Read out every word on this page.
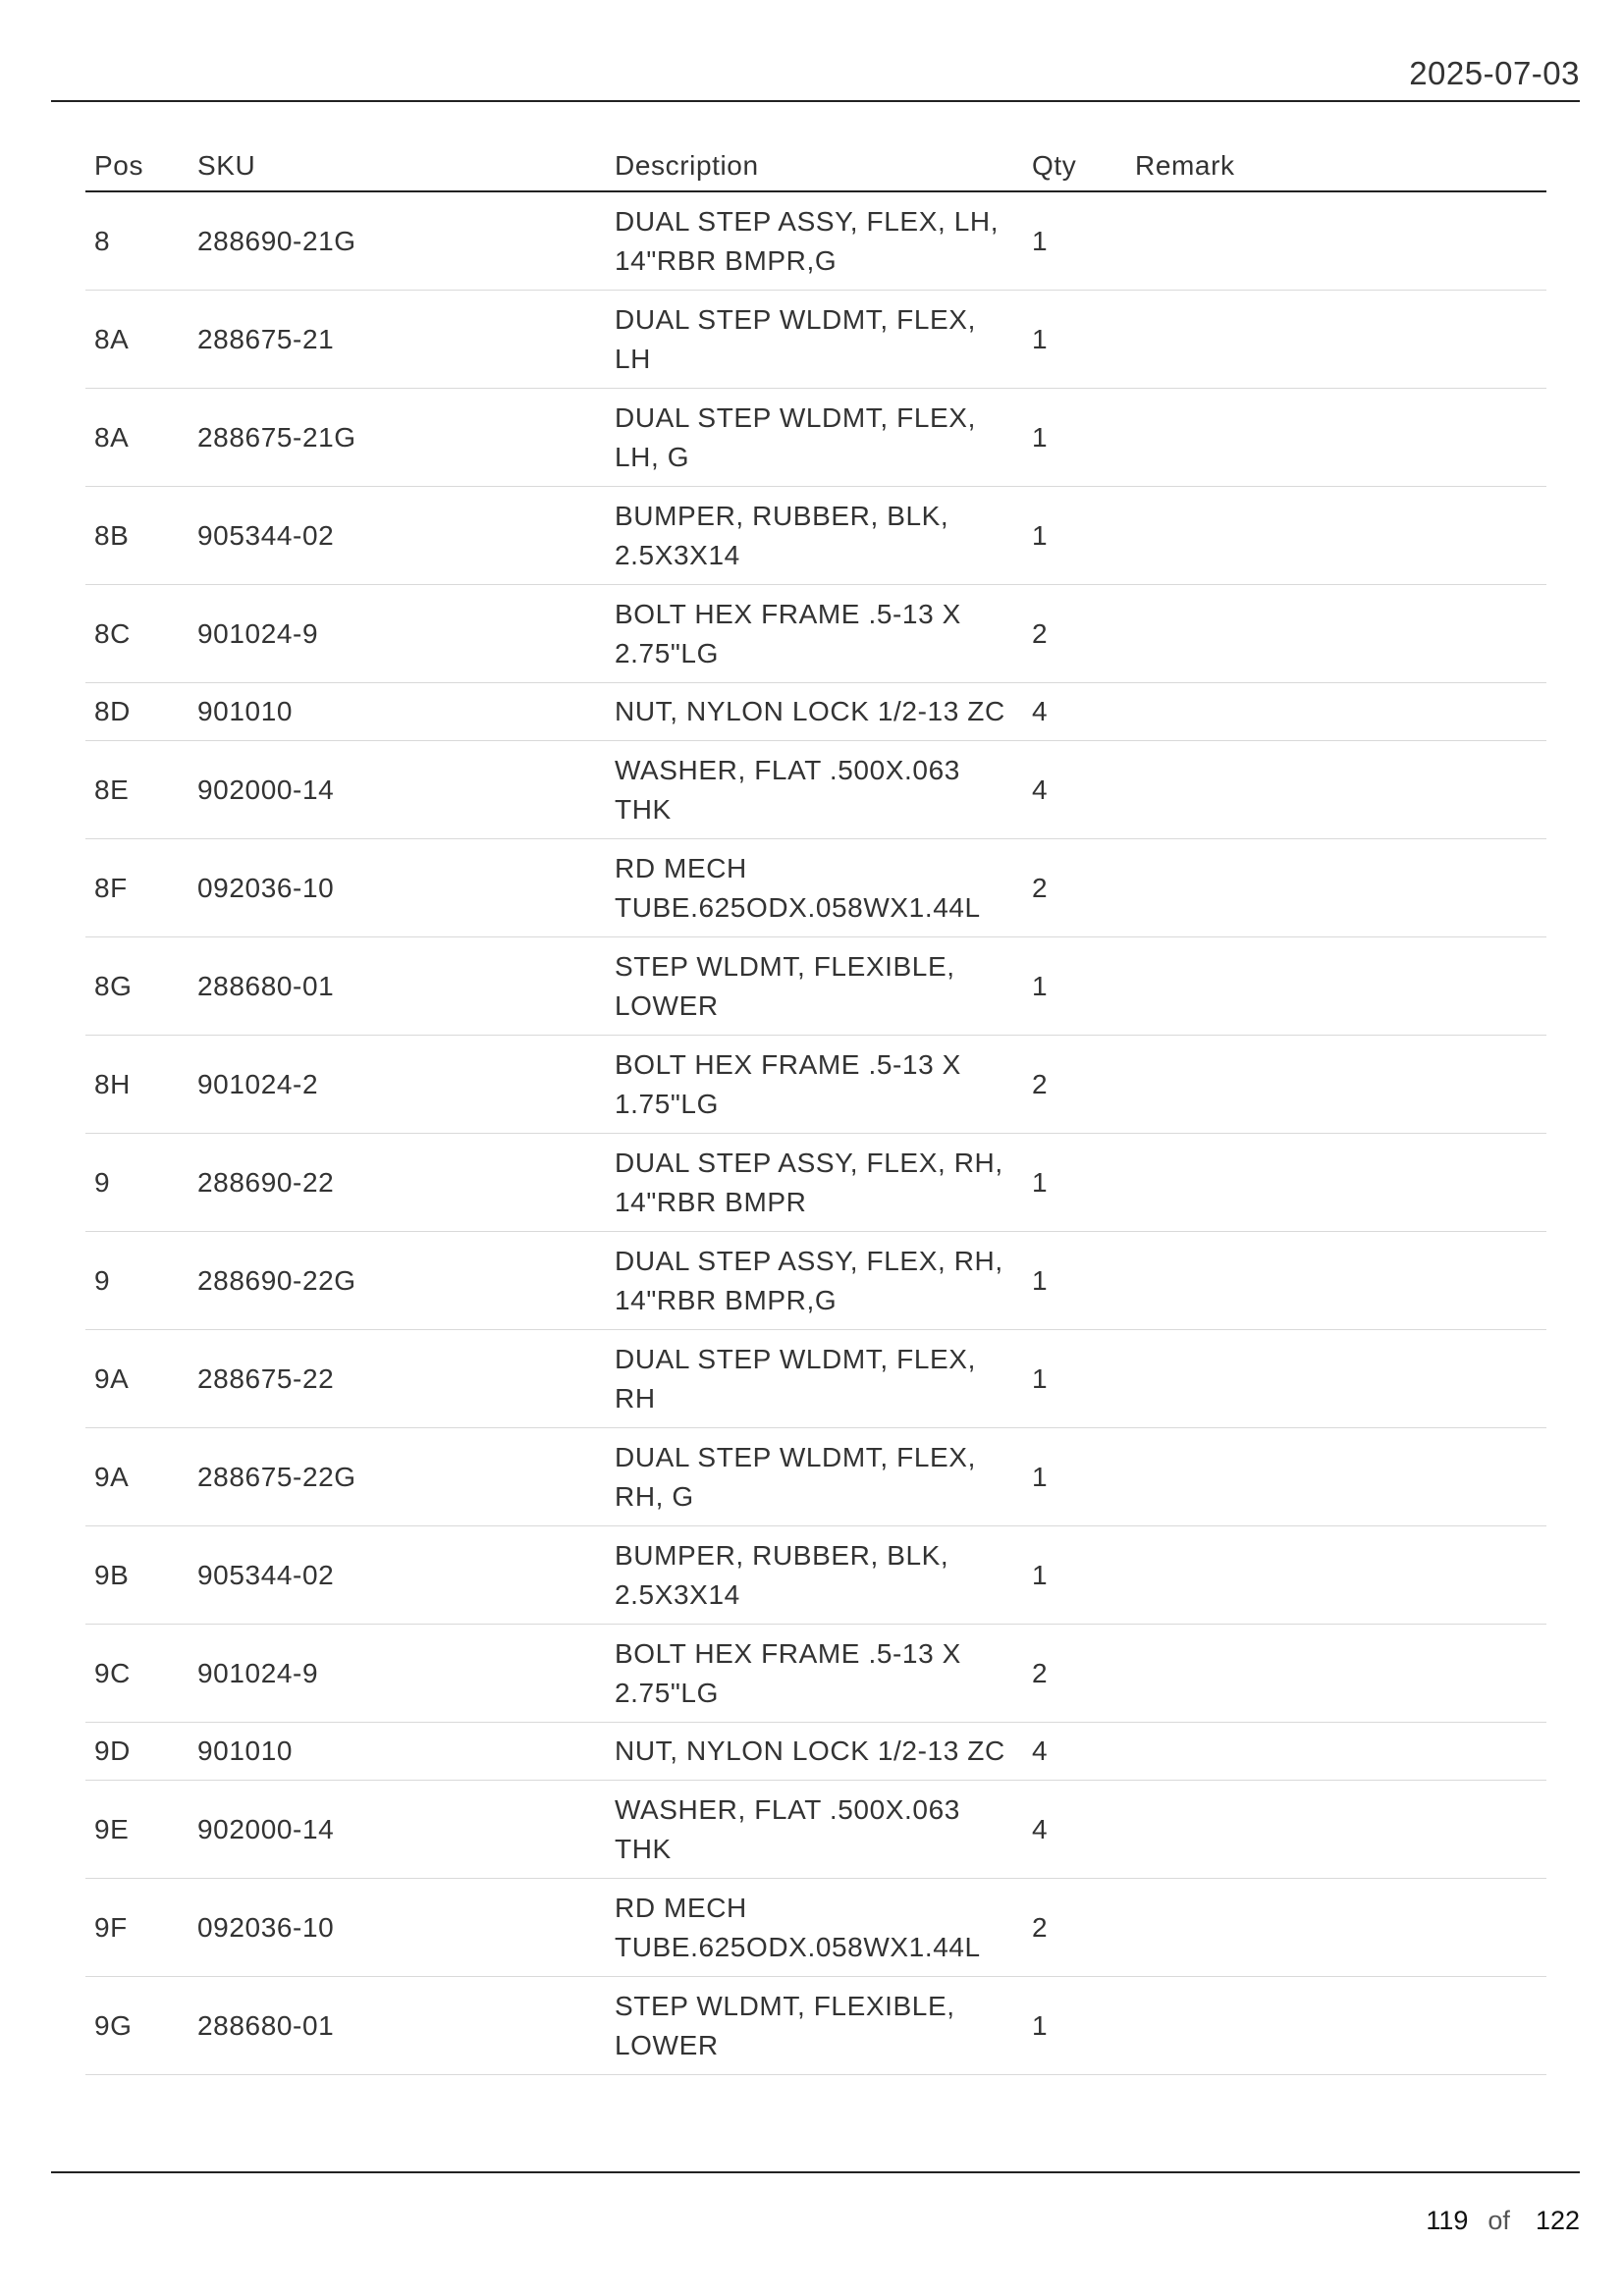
2025-07-03
Pos	SKU	Description	Qty	Remark
8	288690-21G	DUAL STEP ASSY, FLEX, LH,
14"RBR BMPR,G	1	
8A	288675-21	DUAL STEP WLDMT, FLEX,
LH	1	
8A	288675-21G	DUAL STEP WLDMT, FLEX,
LH, G	1	
8B	905344-02	BUMPER, RUBBER, BLK,
2.5X3X14	1	
8C	901024-9	BOLT HEX FRAME .5-13 X
2.75"LG	2	
8D	901010	NUT, NYLON LOCK 1/2-13 ZC	4	
8E	902000-14	WASHER, FLAT .500X.063
THK	4	
8F	092036-10	RD MECH
TUBE.625ODX.058WX1.44L	2	
8G	288680-01	STEP WLDMT, FLEXIBLE,
LOWER	1	
8H	901024-2	BOLT HEX FRAME .5-13 X
1.75"LG	2	
9	288690-22	DUAL STEP ASSY, FLEX, RH,
14"RBR BMPR	1	
9	288690-22G	DUAL STEP ASSY, FLEX, RH,
14"RBR BMPR,G	1	
9A	288675-22	DUAL STEP WLDMT, FLEX,
RH	1	
9A	288675-22G	DUAL STEP WLDMT, FLEX,
RH, G	1	
9B	905344-02	BUMPER, RUBBER, BLK,
2.5X3X14	1	
9C	901024-9	BOLT HEX FRAME .5-13 X
2.75"LG	2	
9D	901010	NUT, NYLON LOCK 1/2-13 ZC	4	
9E	902000-14	WASHER, FLAT .500X.063
THK	4	
9F	092036-10	RD MECH
TUBE.625ODX.058WX1.44L	2	
9G	288680-01	STEP WLDMT, FLEXIBLE,
LOWER	1	
119 of 122
